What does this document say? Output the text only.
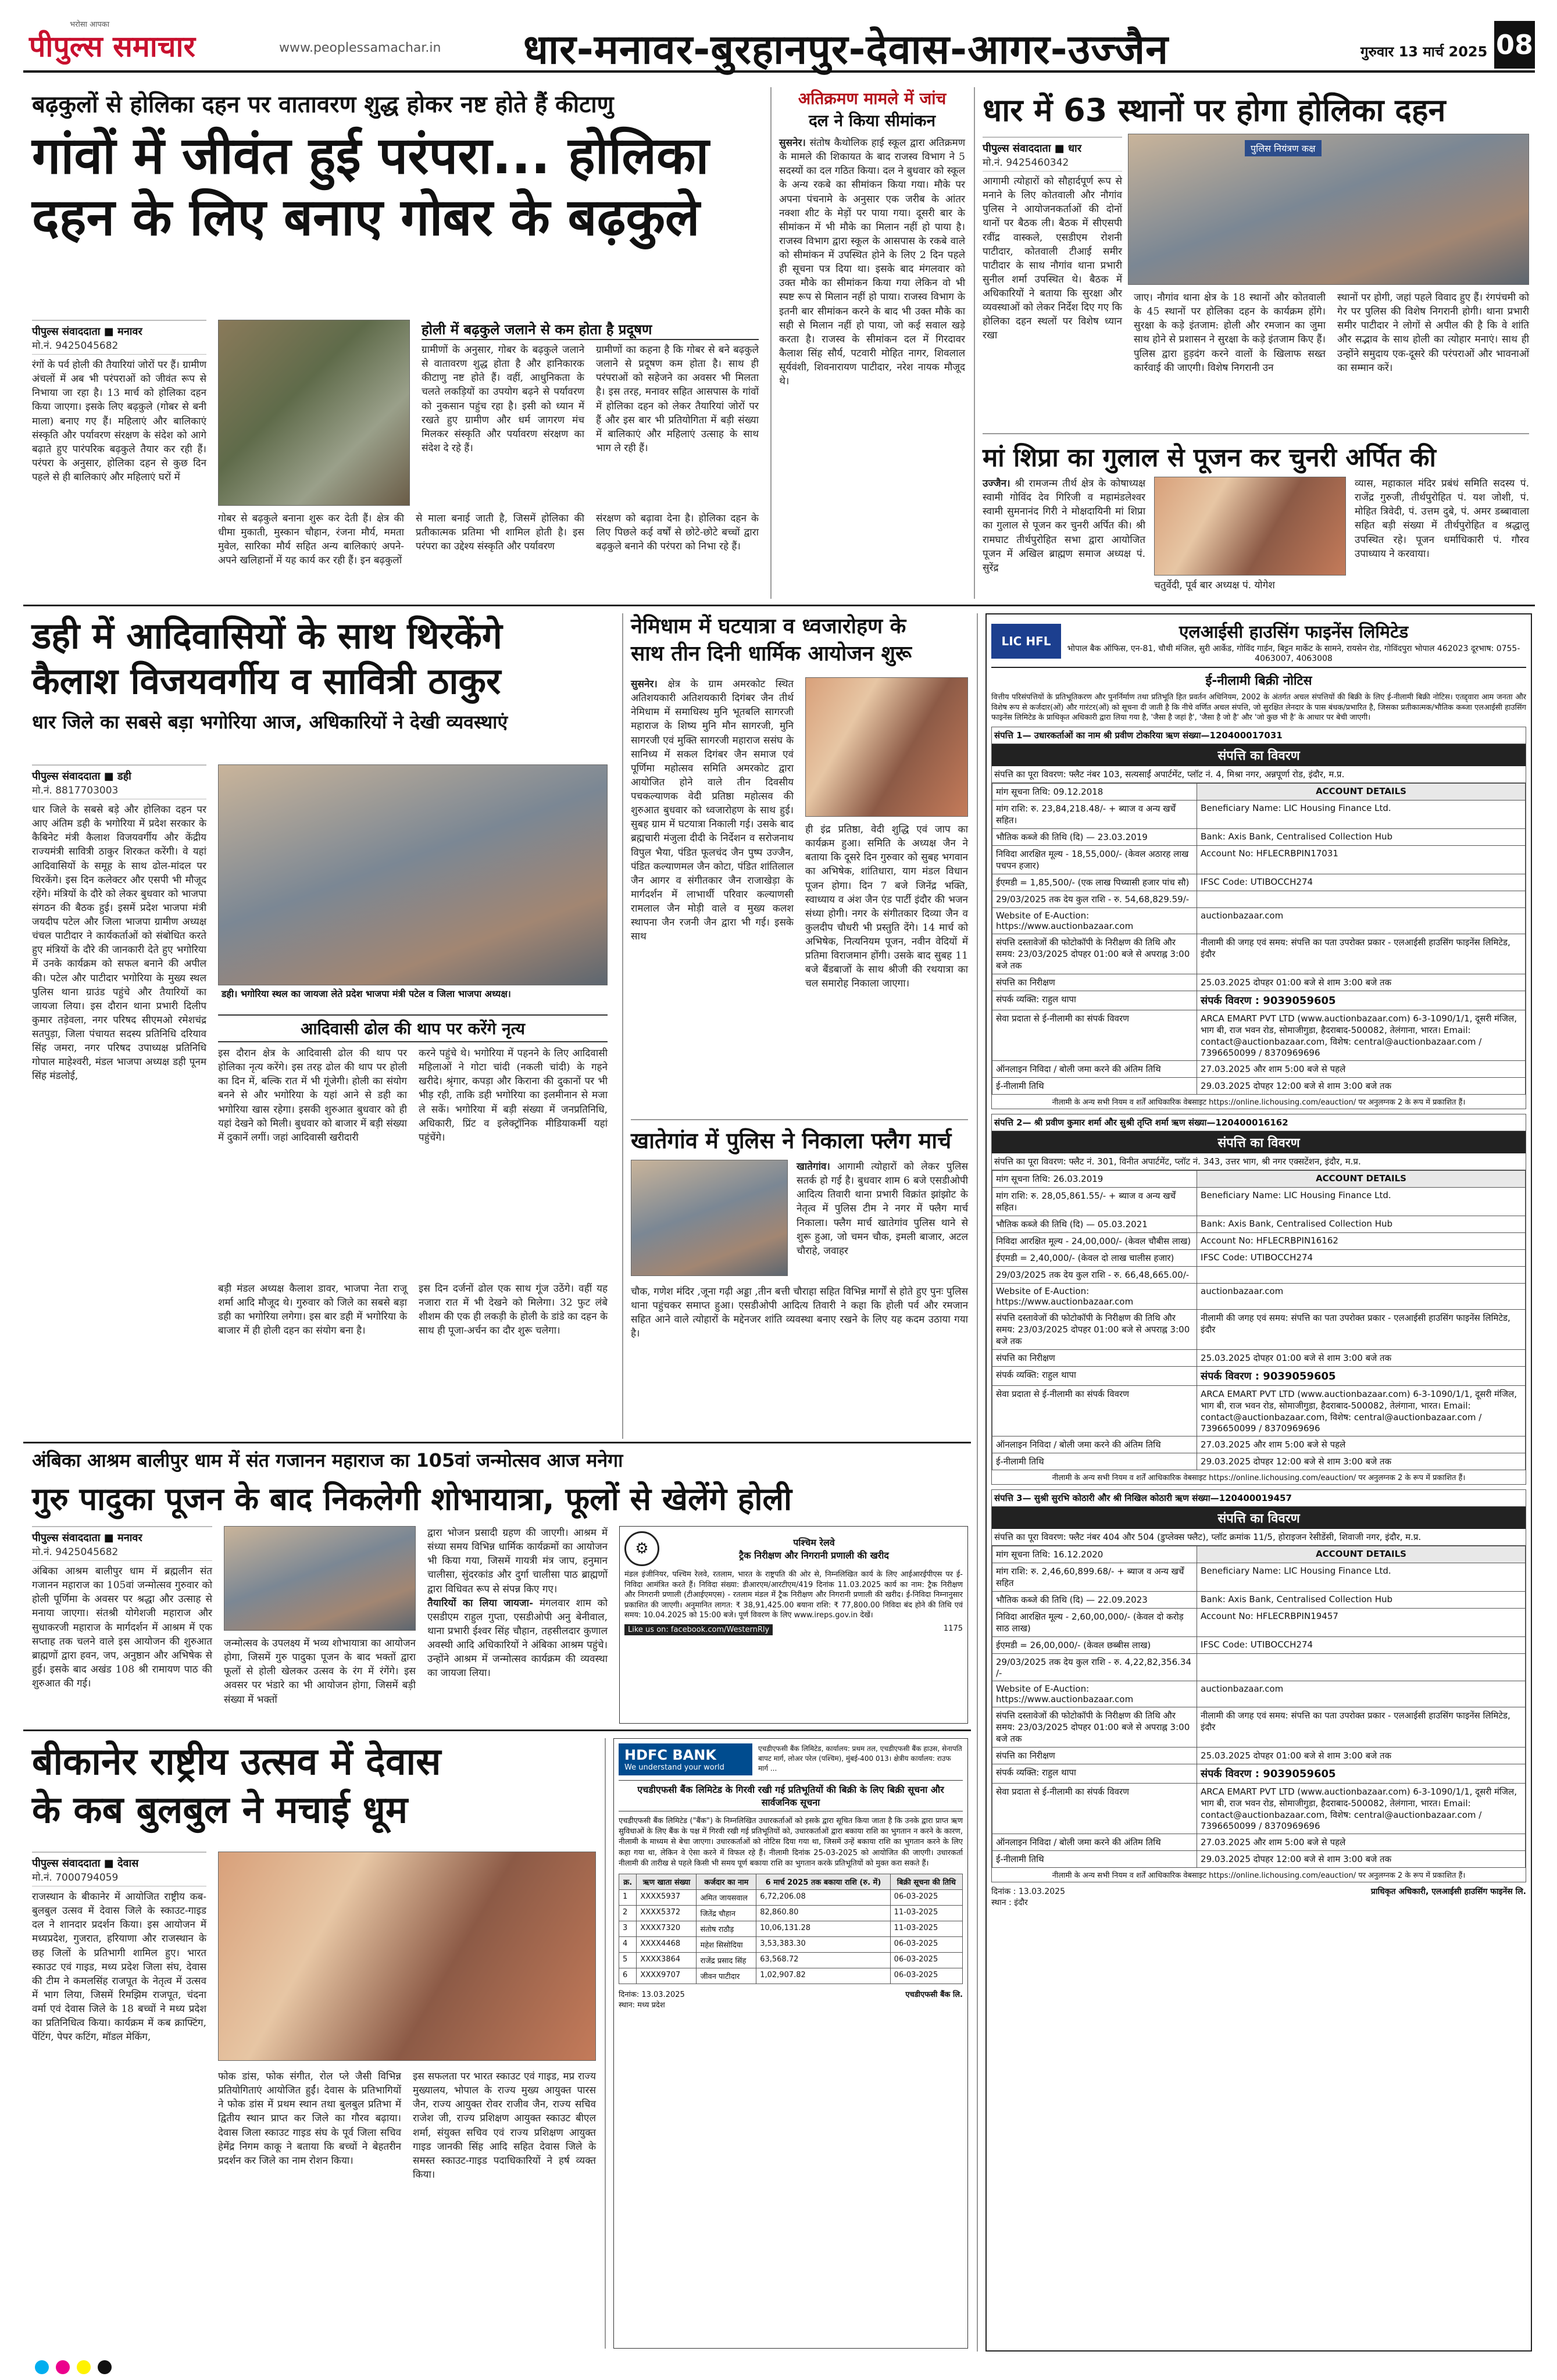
पीपुल्स समाचार
भरोसा आपका
www.peoplessamachar.in धार-मनावर-बुरहानपुर-देवास-आगर-उज्जैन	गुरुवार 13 मार्च 2025 08
बढ़कुलों से होलिका दहन पर वातावरण शुद्ध होकर नष्ट होते हैं कीटाणु
गांवों में जीवंत हुई परंपरा... होलिका
दहन के लिए बनाए गोबर के बढ़कुले
पीपुल्स संवाददाता ■ मनावर
मो.नं. 9425045682

रंगों के पर्व होली की तैयारियां जोरों पर हैं। ग्रामीण अंचलों में अब भी परंपराओं को जीवंत रूप से निभाया जा रहा है। 13 मार्च को होलिका दहन किया जाएगा। इसके लिए बढ़कुले (गोबर से बनी माला) बनाए गए हैं। महिलाएं और बालिकाएं संस्कृति और पर्यावरण संरक्षण के संदेश को आगे बढ़ाते हुए पारंपरिक बढ़कुले तैयार कर रही हैं। परंपरा के अनुसार, होलिका दहन से कुछ दिन पहले से ही बालिकाएं और महिलाएं घरों में

होली में बढ़कुले जलाने से कम होता है प्रदूषण

ग्रामीणों के अनुसार, गोबर के बढ़कुले जलाने से वातावरण शुद्ध होता है और हानिकारक कीटाणु नष्ट होते हैं। वहीं, आधुनिकता के चलते लकड़ियों का उपयोग बढ़ने से पर्यावरण को नुकसान पहुंच रहा है। इसी को ध्यान में रखते हुए ग्रामीण और धर्म जागरण मंच मिलकर संस्कृति और पर्यावरण संरक्षण का संदेश दे रहे हैं।

ग्रामीणों का कहना है कि गोबर से बने बढ़कुले जलाने से प्रदूषण कम होता है। साथ ही परंपराओं को सहेजने का अवसर भी मिलता है। इस तरह, मनावर सहित आसपास के गांवों में होलिका दहन को लेकर तैयारियां जोरों पर हैं और इस बार भी प्रतियोगिता में बड़ी संख्या में बालिकाएं और महिलाएं उत्साह के साथ भाग ले रही हैं।

गोबर से बढ़कुले बनाना शुरू कर देती हैं। क्षेत्र की धीमा मुकाती, मुस्कान चौहान, रंजना मौर्य, ममता मुवेल, सारिका मौर्य सहित अन्य बालिकाएं अपने-अपने खलिहानों में यह कार्य कर रही हैं। इन बढ़कुलों

से माला बनाई जाती है, जिसमें होलिका की प्रतीकात्मक प्रतिमा भी शामिल होती है। इस परंपरा का उद्देश्य संस्कृति और पर्यावरण

संरक्षण को बढ़ावा देना है। होलिका दहन के लिए पिछले कई वर्षों से छोटे-छोटे बच्चों द्वारा बढ़कुले बनाने की परंपरा को निभा रहे हैं।

अतिक्रमण मामले में जांच
दल ने किया सीमांकन

सुसनेर। संतोष कैथोलिक हाई स्कूल द्वारा अतिक्रमण के मामले की शिकायत के बाद राजस्व विभाग ने 5 सदस्यों का दल गठित किया। दल ने बुधवार को स्कूल के अन्य रकबे का सीमांकन किया गया। मौके पर अपना पंचनामे के अनुसार एक जरीब के आंतर नक्शा शीट के मेड़ों पर पाया गया। दूसरी बार के सीमांकन में भी मौके का मिलान नहीं हो पाया है। राजस्व विभाग द्वारा स्कूल के आसपास के रकबे वाले को सीमांकन में उपस्थित होने के लिए 2 दिन पहले ही सूचना पत्र दिया था। इसके बाद मंगलवार को उक्त मौके का सीमांकन किया गया लेकिन वो भी स्पष्ट रूप से मिलान नहीं हो पाया। राजस्व विभाग के इतनी बार सीमांकन करने के बाद भी उक्त मौके का सही से मिलान नहीं हो पाया, जो कई सवाल खड़े करता है। राजस्व के सीमांकन दल में गिरदावर कैलाश सिंह सौर्य, पटवारी मोहित नागर, शिवलाल सूर्यवंशी, शिवनारायण पाटीदार, नरेश नायक मौजूद थे।

धार में 63 स्थानों पर होगा होलिका दहन
पीपुल्स संवाददाता ■ धार
मो.नं. 9425460342
पुलिस नियंत्रण कक्ष

आगामी त्योहारों को सौहार्दपूर्ण रूप से मनाने के लिए कोतवाली और नौगांव पुलिस ने आयोजनकर्ताओं की दोनों थानों पर बैठक ली। बैठक में सीएसपी रवींद्र वास्कले, एसडीएम रोशनी पाटीदार, कोतवाली टीआई समीर पाटीदार के साथ नौगांव थाना प्रभारी सुनील शर्मा उपस्थित थे। बैठक में अधिकारियों ने बताया कि सुरक्षा और व्यवस्थाओं को लेकर निर्देश दिए गए कि होलिका दहन स्थलों पर विशेष ध्यान रखा

जाए। नौगांव थाना क्षेत्र के 18 स्थानों और कोतवाली के 45 स्थानों पर होलिका दहन के कार्यक्रम होंगे। सुरक्षा के कड़े इंतजाम: होली और रमजान का जुमा साथ होने से प्रशासन ने सुरक्षा के कड़े इंतजाम किए हैं। पुलिस द्वारा हुड़दंग करने वालों के खिलाफ सख्त कार्रवाई की जाएगी। विशेष निगरानी उन

स्थानों पर होगी, जहां पहले विवाद हुए हैं। रंगपंचमी को गेर पर पुलिस की विशेष निगरानी होगी। थाना प्रभारी समीर पाटीदार ने लोगों से अपील की है कि वे शांति और सद्भाव के साथ होली का त्योहार मनाएं। साथ ही उन्होंने समुदाय एक-दूसरे की परंपराओं और भावनाओं का सम्मान करें।

मां शिप्रा का गुलाल से पूजन कर चुनरी अर्पित की

उज्जैन। श्री रामजन्म तीर्थ क्षेत्र के कोषाध्यक्ष स्वामी गोविंद देव गिरिजी व महामंडलेश्वर स्वामी सुमनानंद गिरी ने मोक्षदायिनी मां शिप्रा का गुलाल से पूजन कर चुनरी अर्पित की। श्री रामघाट तीर्थपुरोहित सभा द्वारा आयोजित पूजन में अखिल ब्राह्मण समाज अध्यक्ष पं. सुरेंद्र

चतुर्वेदी, पूर्व बार अध्यक्ष पं. योगेश

व्यास, महाकाल मंदिर प्रबंधं समिति सदस्य पं. राजेंद्र गुरुजी, तीर्थपुरोहित पं. यश जोशी, पं. मोहित त्रिवेदी, पं. उत्तम दुबे, पं. अमर डब्बावाला सहित बड़ी संख्या में तीर्थपुरोहित व श्रद्धालु उपस्थित रहे। पूजन धर्माधिकारी पं. गौरव उपाध्याय ने करवाया।

डही में आदिवासियों के साथ थिरकेंगे
कैलाश विजयवर्गीय व सावित्री ठाकुर
धार जिले का सबसे बड़ा भगोरिया आज, अधिकारियों ने देखी व्यवस्थाएं
पीपुल्स संवाददाता ■ डही
मो.नं. 8817703003

धार जिले के सबसे बड़े और होलिका दहन पर आए अंतिम डही के भगोरिया में प्रदेश सरकार के कैबिनेट मंत्री कैलाश विजयवर्गीय और केंद्रीय राज्यमंत्री सावित्री ठाकुर शिरकत करेंगी। वे यहां आदिवासियों के समूह के साथ ढोल-मांदल पर थिरकेंगे। इस दिन कलेक्टर और एसपी भी मौजूद रहेंगे। मंत्रियों के दौरे को लेकर बुधवार को भाजपा संगठन की बैठक हुई। इसमें प्रदेश भाजपा मंत्री जयदीप पटेल और जिला भाजपा ग्रामीण अध्यक्ष चंचल पाटीदार ने कार्यकर्ताओं को संबोधित करते हुए मंत्रियों के दौरे की जानकारी देते हुए भगोरिया में उनके कार्यक्रम को सफल बनाने की अपील की। पटेल और पाटीदार भगोरिया के मुख्य स्थल पुलिस थाना ग्राउंड पहुंचे और तैयारियों का जायजा लिया। इस दौरान थाना प्रभारी दिलीप कुमार तड़ेवला, नगर परिषद सीएमओ रमेशचंद्र सतपुड़ा, जिला पंचायत सदस्य प्रतिनिधि दरियाव सिंह जमरा, नगर परिषद उपाध्यक्ष प्रतिनिधि गोपाल माहेश्वरी, मंडल भाजपा अध्यक्ष डही पूनम सिंह मंडलोई,

डही। भगोरिया स्थल का जायजा लेते प्रदेश भाजपा मंत्री पटेल व जिला भाजपा अध्यक्ष।
आदिवासी ढोल की थाप पर करेंगे नृत्य

इस दौरान क्षेत्र के आदिवासी ढोल की थाप पर होलिका नृत्य करेंगे। इस तरह ढोल की थाप पर होली का दिन में, बल्कि रात में भी गूंजेगी। होली का संयोग बनने से और भगोरिया के यहां आने से डही का भगोरिया खास रहेगा। इसकी शुरुआत बुधवार को ही यहां देखने को मिली। बुधवार को बाजार में बड़ी संख्या में दुकानें लगीं। जहां आदिवासी खरीदारी

करने पहुंचे थे। भगोरिया में पहनने के लिए आदिवासी महिलाओं ने गोटा चांदी (नकली चांदी) के गहने खरीदे। श्रृंगार, कपड़ा और किराना की दुकानों पर भी भीड़ रही, ताकि डही भगोरिया का इलमीनान से मजा ले सकें। भगोरिया में बड़ी संख्या में जनप्रतिनिधि, अधिकारी, प्रिंट व इलेक्ट्रॉनिक मीडियाकर्मी यहां पहुंचेंगे।

बड़ी मंडल अध्यक्ष कैलाश डावर, भाजपा नेता राजू शर्मा आदि मौजूद थे। गुरुवार को जिले का सबसे बड़ा डही का भगोरिया लगेगा। इस बार डही में भगोरिया के बाजार में ही होली दहन का संयोग बना है।

इस दिन दर्जनों ढोल एक साथ गूंज उठेंगे। वहीं यह नजारा रात में भी देखने को मिलेगा। 32 फुट लंबे शीशम की एक ही लकड़ी के होली के डांडे का दहन के साथ ही पूजा-अर्चन का दौर शुरू चलेगा।

नेमिधाम में घटयात्रा व ध्वजारोहण के
साथ तीन दिनी धार्मिक आयोजन शुरू

सुसनेर। क्षेत्र के ग्राम अमरकोट स्थित अतिशयकारी अतिशयकारी दिगंबर जैन तीर्थ नेमिधाम में समाधिस्थ मुनि भूतबलि सागरजी महाराज के शिष्य मुनि मौन सागरजी, मुनि सागरजी एवं मुक्ति सागरजी महाराज ससंघ के सानिध्य में सकल दिगंबर जैन समाज एवं पूर्णिमा महोत्सव समिति अमरकोट द्वारा आयोजित होने वाले तीन दिवसीय पचकल्याणक वेदी प्रतिष्ठा महोत्सव की शुरुआत बुधवार को ध्वजारोहण के साथ हुई। सुबह ग्राम में घटयात्रा निकाली गई। उसके बाद ब्रह्मचारी मंजुला दीदी के निर्देशन व सरोजनाथ विपुल भैया, पंडित फूलचंद जैन पुष्प उज्जैन, पंडित कल्याणमल जैन कोटा, पंडित शांतिलाल जैन आगर व संगीतकार जैन राजाखेड़ा के मार्गदर्शन में लाभार्थी परिवार कल्याणसी रामलाल जैन मोड़ी वाले व मुख्य कलश स्थापना जैन रजनी जैन द्वारा भी गई। इसके साथ

ही इंद्र प्रतिष्ठा, वेदी शुद्धि एवं जाप का कार्यक्रम हुआ। समिति के अध्यक्ष जैन ने बताया कि दूसरे दिन गुरुवार को सुबह भगवान का अभिषेक, शांतिधारा, याग मंडल विधान पूजन होगा। दिन 7 बजे जिनेंद्र भक्ति, स्वाध्याय व अंश जैन एंड पार्टी इंदौर की भजन संध्या होगी। नगर के संगीतकार दिव्या जैन व कुलदीप चौधरी भी प्रस्तुति देंगे। 14 मार्च को अभिषेक, नित्यनियम पूजन, नवीन वेदियों में प्रतिमा विराजमान होंगी। उसके बाद सुबह 11 बजे बैंडबाजों के साथ श्रीजी की रथयात्रा का चल समारोह निकाला जाएगा।

खातेगांव में पुलिस ने निकाला फ्लैग मार्च

खातेगांव। आगामी त्योहारों को लेकर पुलिस सतर्क हो गई है। बुधवार शाम 6 बजे एसडीओपी आदित्य तिवारी थाना प्रभारी विक्रांत झांझोट के नेतृत्व में पुलिस टीम ने नगर में फ्लैग मार्च निकाला। फ्लैग मार्च खातेगांव पुलिस थाने से शुरू हुआ, जो चमन चौक, इमली बाजार, अटल चौराहे, जवाहर

चौक, गणेश मंदिर ,जूना गढ़ी अड्डा ,तीन बत्ती चौराहा सहित विभिन्न मार्गों से होते हुए पुनः पुलिस थाना पहुंचकर समाप्त हुआ। एसडीओपी आदित्य तिवारी ने कहा कि होली पर्व और रमजान सहित आने वाले त्योहारों के मद्देनजर शांति व्यवस्था बनाए रखने के लिए यह कदम उठाया गया है।

LIC HFL	एलआईसी हाउसिंग फाइनेंस लिमिटेड
भोपाल बैक ऑफिस, एन-81, चौथी मंजिल, सुरी आर्केड, गोविंद गार्डन, बिट्टन मार्केट के सामने, रायसेन रोड, गोविंदपुरा भोपाल 462023 दूरभाष: 0755-4063007, 4063008
ई-नीलामी बिक्री नोटिस

वित्तीय परिसंपत्तियों के प्रतिभूतिकरण और पुनर्निर्माण तथा प्रतिभूति हित प्रवर्तन अधिनियम, 2002 के अंतर्गत अचल संपत्तियों की बिक्री के लिए ई-नीलामी बिक्री नोटिस। एतद्द्वारा आम जनता और विशेष रूप से कर्जदार(ओं) और गारंटर(ओं) को सूचना दी जाती है कि नीचे वर्णित अचल संपत्ति, जो सुरक्षित लेनदार के पास बंधक/प्रभारित है, जिसका प्रतीकात्मक/भौतिक कब्जा एलआईसी हाउसिंग फाइनेंस लिमिटेड के प्राधिकृत अधिकारी द्वारा लिया गया है, 'जैसा है जहां है', 'जैसा है जो है' और 'जो कुछ भी है' के आधार पर बेची जाएगी।

संपत्ति 1— उधारकर्ताओं का नाम श्री प्रवीण टोकरिया ऋण संख्या—120400017031
संपत्ति का विवरण
संपत्ति का पूरा विवरण: फ्लैट नंबर 103, सत्यसाईं अपार्टमेंट, प्लॉट नं. 4, मिश्रा नगर, अन्नपूर्णा रोड, इंदौर, म.प्र.
मांग सूचना तिथि: 09.12.2018	ACCOUNT DETAILS
मांग राशि: रु. 23,84,218.48/- + ब्याज व अन्य खर्चें सहित।	Beneficiary Name: LIC Housing Finance Ltd.
भौतिक कब्जे की तिथि (दि) — 23.03.2019	Bank: Axis Bank, Centralised Collection Hub
निविदा आरक्षित मूल्य - 18,55,000/- (केवल अठारह लाख पचपन हजार)	Account No: HFLECRBPIN17031
ईएमडी = 1,85,500/- (एक लाख पिच्यासी हजार पांच सौ)	IFSC Code: UTIBOCCH274
29/03/2025 तक देय कुल राशि - रु. 54,68,829.59/-	
Website of E-Auction: https://www.auctionbazaar.com	auctionbazaar.com
संपत्ति दस्तावेजों की फोटोकॉपी के निरीक्षण की तिथि और समय: 23/03/2025 दोपहर 01:00 बजे से अपराह्न 3:00 बजे तक	नीलामी की जगह एवं समय: संपत्ति का पता उपरोक्त प्रकार - एलआईसी हाउसिंग फाइनेंस लिमिटेड, इंदौर
संपत्ति का निरीक्षण	25.03.2025 दोपहर 01:00 बजे से शाम 3:00 बजे तक
संपर्क व्यक्ति: राहुल थापा	संपर्क विवरण : 9039059605
सेवा प्रदाता से ई-नीलामी का संपर्क विवरण	ARCA EMART PVT LTD (www.auctionbazaar.com) 6-3-1090/1/1, दूसरी मंजिल, भाग बी, राज भवन रोड, सोमाजीगुडा, हैदराबाद-500082, तेलंगाना, भारत। Email: contact@auctionbazaar.com, विशेष: central@auctionbazaar.com / 7396650099 / 8370969696
ऑनलाइन निविदा / बोली जमा करने की अंतिम तिथि	27.03.2025 और शाम 5:00 बजे से पहले
ई-नीलामी तिथि	29.03.2025 दोपहर 12:00 बजे से शाम 3:00 बजे तक
नीलामी के अन्य सभी नियम व शर्तें आधिकारिक वेबसाइट https://online.lichousing.com/eauction/ पर अनुलग्नक 2 के रूप में प्रकाशित हैं।
संपत्ति 2— श्री प्रवीण कुमार शर्मा और सुश्री तृप्ति शर्मा ऋण संख्या—120400016162
संपत्ति का विवरण
संपत्ति का पूरा विवरण: फ्लैट नं. 301, विनीत अपार्टमेंट, प्लॉट नं. 343, उत्तर भाग, श्री नगर एक्सटेंशन, इंदौर, म.प्र.
मांग सूचना तिथि: 26.03.2019	ACCOUNT DETAILS
मांग राशि: रु. 28,05,861.55/- + ब्याज व अन्य खर्चें सहित।	Beneficiary Name: LIC Housing Finance Ltd.
भौतिक कब्जे की तिथि (दि) — 05.03.2021	Bank: Axis Bank, Centralised Collection Hub
निविदा आरक्षित मूल्य - 24,00,000/- (केवल चौबीस लाख)	Account No: HFLECRBPIN16162
ईएमडी = 2,40,000/- (केवल दो लाख चालीस हजार)	IFSC Code: UTIBOCCH274
29/03/2025 तक देय कुल राशि - रु. 66,48,665.00/-	
Website of E-Auction: https://www.auctionbazaar.com	auctionbazaar.com
संपत्ति दस्तावेजों की फोटोकॉपी के निरीक्षण की तिथि और समय: 23/03/2025 दोपहर 01:00 बजे से अपराह्न 3:00 बजे तक	नीलामी की जगह एवं समय: संपत्ति का पता उपरोक्त प्रकार - एलआईसी हाउसिंग फाइनेंस लिमिटेड, इंदौर
संपत्ति का निरीक्षण	25.03.2025 दोपहर 01:00 बजे से शाम 3:00 बजे तक
संपर्क व्यक्ति: राहुल थापा	संपर्क विवरण : 9039059605
सेवा प्रदाता से ई-नीलामी का संपर्क विवरण	ARCA EMART PVT LTD (www.auctionbazaar.com) 6-3-1090/1/1, दूसरी मंजिल, भाग बी, राज भवन रोड, सोमाजीगुडा, हैदराबाद-500082, तेलंगाना, भारत। Email: contact@auctionbazaar.com, विशेष: central@auctionbazaar.com / 7396650099 / 8370969696
ऑनलाइन निविदा / बोली जमा करने की अंतिम तिथि	27.03.2025 और शाम 5:00 बजे से पहले
ई-नीलामी तिथि	29.03.2025 दोपहर 12:00 बजे से शाम 3:00 बजे तक
नीलामी के अन्य सभी नियम व शर्तें आधिकारिक वेबसाइट https://online.lichousing.com/eauction/ पर अनुलग्नक 2 के रूप में प्रकाशित हैं।
संपत्ति 3— सुश्री सुरभि कोठारी और श्री निखिल कोठारी ऋण संख्या—120400019457
संपत्ति का विवरण
संपत्ति का पूरा विवरण: फ्लैट नंबर 404 और 504 (डुप्लेक्स फ्लैट), प्लॉट क्रमांक 11/5, होराइजन रेसीडेंसी, शिवाजी नगर, इंदौर, म.प्र.
मांग सूचना तिथि: 16.12.2020	ACCOUNT DETAILS
मांग राशि: रु. 2,46,60,899.68/- + ब्याज व अन्य खर्चें सहित	Beneficiary Name: LIC Housing Finance Ltd.
भौतिक कब्जे की तिथि (दि) — 22.09.2023	Bank: Axis Bank, Centralised Collection Hub
निविदा आरक्षित मूल्य - 2,60,00,000/- (केवल दो करोड़ साठ लाख)	Account No: HFLECRBPIN19457
ईएमडी = 26,00,000/- (केवल छब्बीस लाख)	IFSC Code: UTIBOCCH274
29/03/2025 तक देय कुल राशि - रु. 4,22,82,356.34 /-	
Website of E-Auction: https://www.auctionbazaar.com	auctionbazaar.com
संपत्ति दस्तावेजों की फोटोकॉपी के निरीक्षण की तिथि और समय: 23/03/2025 दोपहर 01:00 बजे से अपराह्न 3:00 बजे तक	नीलामी की जगह एवं समय: संपत्ति का पता उपरोक्त प्रकार - एलआईसी हाउसिंग फाइनेंस लिमिटेड, इंदौर
संपत्ति का निरीक्षण	25.03.2025 दोपहर 01:00 बजे से शाम 3:00 बजे तक
संपर्क व्यक्ति: राहुल थापा	संपर्क विवरण : 9039059605
सेवा प्रदाता से ई-नीलामी का संपर्क विवरण	ARCA EMART PVT LTD (www.auctionbazaar.com) 6-3-1090/1/1, दूसरी मंजिल, भाग बी, राज भवन रोड, सोमाजीगुडा, हैदराबाद-500082, तेलंगाना, भारत। Email: contact@auctionbazaar.com, विशेष: central@auctionbazaar.com / 7396650099 / 8370969696
ऑनलाइन निविदा / बोली जमा करने की अंतिम तिथि	27.03.2025 और शाम 5:00 बजे से पहले
ई-नीलामी तिथि	29.03.2025 दोपहर 12:00 बजे से शाम 3:00 बजे तक
नीलामी के अन्य सभी नियम व शर्तें आधिकारिक वेबसाइट https://online.lichousing.com/eauction/ पर अनुलग्नक 2 के रूप में प्रकाशित हैं।
दिनांक : 13.03.2025
स्थान : इंदौर
प्राधिकृत अधिकारी, एलआईसी हाउसिंग फाइनेंस लि.
अंबिका आश्रम बालीपुर धाम में संत गजानन महाराज का 105वां जन्मोत्सव आज मनेगा
गुरु पादुका पूजन के बाद निकलेगी शोभायात्रा, फूलों से खेलेंगे होली
पीपुल्स संवाददाता ■ मनावर
मो.नं. 9425045682

अंबिका आश्रम बालीपुर धाम में ब्रह्मलीन संत गजानन महाराज का 105वां जन्मोत्सव गुरुवार को होली पूर्णिमा के अवसर पर श्रद्धा और उत्साह से मनाया जाएगा। संतश्री योगेशजी महाराज और सुधाकरजी महाराज के मार्गदर्शन में आश्रम में एक सप्ताह तक चलने वाले इस आयोजन की शुरुआत ब्राह्मणों द्वारा हवन, जप, अनुष्ठान और अभिषेक से हुई। इसके बाद अखंड 108 श्री रामायण पाठ की शुरुआत की गई।

जन्मोत्सव के उपलक्ष्य में भव्य शोभायात्रा का आयोजन होगा, जिसमें गुरु पादुका पूजन के बाद भक्तों द्वारा फूलों से होली खेलकर उत्सव के रंग में रंगेंगे। इस अवसर पर भंडारे का भी आयोजन होगा, जिसमें बड़ी संख्या में भक्तों

द्वारा भोजन प्रसादी ग्रहण की जाएगी। आश्रम में संध्या समय विभिन्न धार्मिक कार्यक्रमों का आयोजन भी किया गया, जिसमें गायत्री मंत्र जाप, हनुमान चालीसा, सुंदरकांड और दुर्गा चालीसा पाठ ब्राह्मणों द्वारा विधिवत रूप से संपन्न किए गए।

तैयारियों का लिया जायजा- मंगलवार शाम को एसडीएम राहुल गुप्ता, एसडीओपी अनु बेनीवाल, थाना प्रभारी ईश्वर सिंह चौहान, तहसीलदार कुणाल अवस्थी आदि अधिकारियों ने अंबिका आश्रम पहुंचे। उन्होंने आश्रम में जन्मोत्सव कार्यक्रम की व्यवस्था का जायजा लिया।

⚙	पश्चिम रेलवे
ट्रैक निरीक्षण और निगरानी प्रणाली की खरीद

मंडल इंजीनियर, पश्चिम रेलवे, रतलाम, भारत के राष्ट्रपति की ओर से, निम्नलिखित कार्य के लिए आईआरईपीएस पर ई-निविदा आमंत्रित करते हैं। निविदा संख्या: डीआरएम/आरटीएम/419 दिनांक 11.03.2025 कार्य का नाम: ट्रैक निरीक्षण और निगरानी प्रणाली (टीआईएमएस) - रतलाम मंडल में ट्रैक निरीक्षण और निगरानी प्रणाली की खरीद। ई-निविदा निम्नानुसार प्रकाशित की जाएगी। अनुमानित लागत: ₹ 38,91,425.00 बयाना राशि: ₹ 77,800.00 निविदा बंद होने की तिथि एवं समय: 10.04.2025 को 15:00 बजे। पूर्ण विवरण के लिए www.ireps.gov.in देखें।

Like us on: facebook.com/WesternRly	1175
बीकानेर राष्ट्रीय उत्सव में देवास
के कब बुलबुल ने मचाई धूम
पीपुल्स संवाददाता ■ देवास
मो.नं. 7000794059

राजस्थान के बीकानेर में आयोजित राष्ट्रीय कब-बुलबुल उत्सव में देवास जिले के स्काउट-गाइड दल ने शानदार प्रदर्शन किया। इस आयोजन में मध्यप्रदेश, गुजरात, हरियाणा और राजस्थान के छह जिलों के प्रतिभागी शामिल हुए। भारत स्काउट एवं गाइड, मध्य प्रदेश जिला संघ, देवास की टीम ने कमलसिंह राजपूत के नेतृत्व में उत्सव में भाग लिया, जिसमें रिमझिम राजपूत, चंदना वर्मा एवं देवास जिले के 18 बच्चों ने मध्य प्रदेश का प्रतिनिधित्व किया। कार्यक्रम में कब क्राफ्टिंग, पेंटिंग, पेपर कटिंग, मॉडल मेकिंग,

फोक डांस, फोक संगीत, रोल प्ले जैसी विभिन्न प्रतियोगिताएं आयोजित हुईं। देवास के प्रतिभागियों ने फोक डांस में प्रथम स्थान तथा बुलबुल प्रतिभा में द्वितीय स्थान प्राप्त कर जिले का गौरव बढ़ाया। देवास जिला स्काउट गाइड संघ के पूर्व जिला सचिव हेमेंद्र निगम काकू ने बताया कि बच्चों ने बेहतरीन प्रदर्शन कर जिले का नाम रोशन किया।

इस सफलता पर भारत स्काउट एवं गाइड, मप्र राज्य मुख्यालय, भोपाल के राज्य मुख्य आयुक्त पारस जैन, राज्य आयुक्त रोवर राजीव जैन, राज्य सचिव राजेश जी, राज्य प्रशिक्षण आयुक्त स्काउट बीएल शर्मा, संयुक्त सचिव एवं राज्य प्रशिक्षण आयुक्त गाइड जानकी सिंह आदि सहित देवास जिले के समस्त स्काउट-गाइड पदाधिकारियों ने हर्ष व्यक्त किया।

HDFC BANK
We understand your world
एचडीएफसी बैंक लिमिटेड, कार्यालय: प्रथम तल, एचडीएफसी बैंक हाउस, सेनापति बापट मार्ग, लोअर परेल (पश्चिम), मुंबई-400 013। क्षेत्रीय कार्यालय: राउफ मार्ग ...
एचडीएफसी बैंक लिमिटेड के गिरवी रखी गई प्रतिभूतियों की बिक्री के लिए बिक्री सूचना और सार्वजनिक सूचना

एचडीएफसी बैंक लिमिटेड ("बैंक") के निम्नलिखित उधारकर्ताओं को इसके द्वारा सूचित किया जाता है कि उनके द्वारा प्राप्त ऋण सुविधाओं के लिए बैंक के पक्ष में गिरवी रखी गई प्रतिभूतियों को, उधारकर्ताओं द्वारा बकाया राशि का भुगतान न करने के कारण, नीलामी के माध्यम से बेचा जाएगा। उधारकर्ताओं को नोटिस दिया गया था, जिसमें उन्हें बकाया राशि का भुगतान करने के लिए कहा गया था, लेकिन वे ऐसा करने में विफल रहे हैं। नीलामी दिनांक 25-03-2025 को आयोजित की जाएगी। उधारकर्ता नीलामी की तारीख से पहले किसी भी समय पूर्ण बकाया राशि का भुगतान करके प्रतिभूतियों को मुक्त करा सकते हैं।

क्र.	ऋण खाता संख्या	कर्जदार का नाम	6 मार्च 2025 तक बकाया राशि (रु. में)	बिक्री सूचना की तिथि
1	XXXX5937	अमित जायसवाल	6,72,206.08	06-03-2025
2	XXXX5372	जितेंद्र चौहान	82,860.80	11-03-2025
3	XXXX7320	संतोष राठौड़	10,06,131.28	11-03-2025
4	XXXX4468	महेश सिसोदिया	3,53,383.30	06-03-2025
5	XXXX3864	राजेंद्र प्रसाद सिंह	63,568.72	06-03-2025
6	XXXX9707	जीवन पाटीदार	1,02,907.82	06-03-2025
दिनांक: 13.03.2025
स्थान: मध्य प्रदेश
एचडीएफसी बैंक लि.
